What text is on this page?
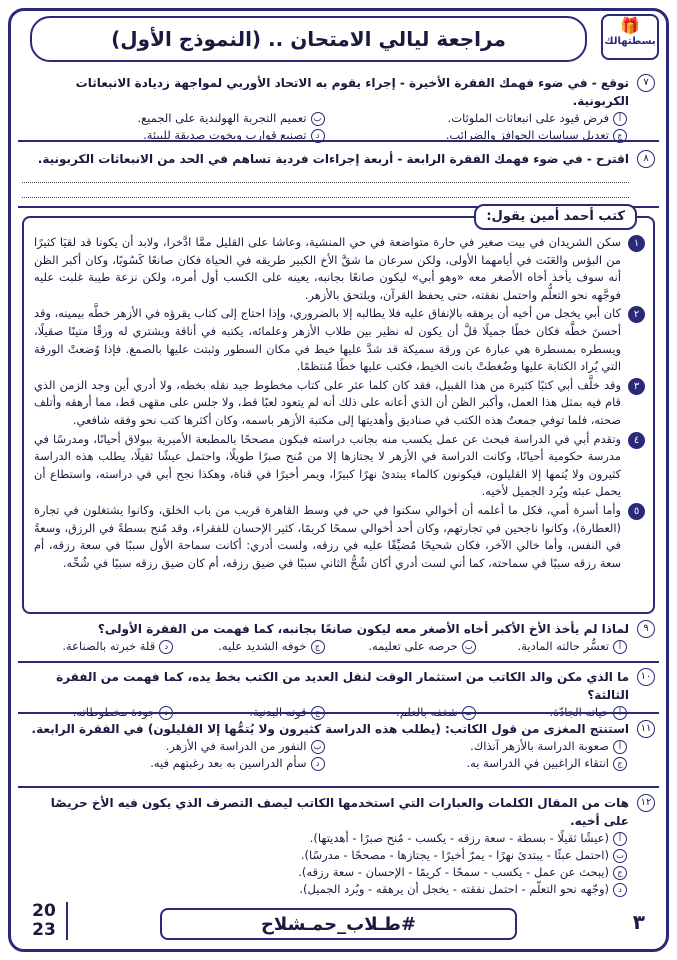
🎁
بسطتهالك
مراجعة ليالي الامتحان .. (النموذج الأول)
٧
توقع - في ضوء فهمك الفقرة الأخيرة - إجراء يقوم به الاتحاد الأوربي لمواجهة زديادة الانبعاثات الكربونية.
أ
فرض قيود على انبعاثات الملوثات.
ب
تعميم التجربة الهولندية على الجميع.
ج
تعديل سياسات الحوافز والضرائب.
د
تصنيع قوارب ويخوت صديقة للبيئة.
٨
اقترح - في ضوء فهمك الفقرة الرابعة - أربعة إجراءات فردية تساهم في الحد من الانبعاثات الكربونية.
كتب أحمد أمين يقول:
١
سكن الشريدان في بيت صغير في حارة متواضعة في حي المنشية، وعاشا على القليل ممَّا ادَّخرا، ولابد أن يكونا قد لقيَا كثيرًا من البؤس والعَنَت في أيامهما الأولى، ولكن سرعان ما شقَّ الأخ الكبير طريقه في الحياة فكان صانعًا كَسُوبًا، وكان أكبر الظن أنه سوف يأخذ أخاه الأصغر معه «وهو أبي» ليكون صانعًا بجانبه، يعينه على الكسب أول أمره، ولكن نزعة طيبة غلبت عليه فوجَّهه نحو التعلُّم واحتمل نفقته، حتى يحفظ القرآن، ويلتحق بالأزهر.
٢
كان أبي يخجل من أخيه أن يرهقه بالإنفاق عليه فلا يطالبه إلا بالضروري، وإذا احتاج إلى كتاب يقرؤه في الأزهر خطَّه بيمينه، وقد أحسنَ خطَّه فكان خطًا جميلًا قلَّ أن يكون له نظير بين طلاب الأزهر وعلمائه، يكتبه في أناقة ويشتري له ورقًا متينًا صقيلًا، ويسطره بمسطرة هي عبارة عن ورقة سميكة قد شدَّ عليها خيط في مكان السطور وثبتت عليها بالصمغ. فإذا وُضعتْ الورقة التي يُراد الكتابة عليها وضُغطتْ بانت الخيط، فكتب عليها خطًا مُنتظمًا.
٣
وقد خلَّف أبي كتبًا كثيرة من هذا القبيل، فقد كان كلما عثر على كتاب مخطوط جيد نقله بخطه، ولا أدري أين وجد الزمن الذي قام فيه بمثل هذا العمل، وأكبر الظن أن الذي أعانه على ذلك أنه لم يتعود لعبًا قط، ولا جلس على مقهى قط، مما أرهقه وأتلف صحته، فلما توفي جمعتُ هذه الكتب في صناديق وأهديتها إلى مكتبة الأزهر باسمه، وكان أكثرها كتب نحو وفقه شافعي.
٤
وتقدم أبي في الدراسة فبحث عن عمل يكسب منه بجانب دراسته فبكون مصححًا بالمطبعة الأميرية ببولاق أحيانًا، ومدرسًا في مدرسة حكومية أحيانًا، وكانت الدراسة في الأزهر لا يجتازها إلا من مُنح صبرًا طويلًا، واحتمل عيشًا ثقيلًا، يطلب هذه الدراسة كثيرون ولا يُتمها إلا القليلون، فيكونون كالماء يبتدئ نهرًا كبيرًا، ويمر أخيرًا في قناة، وهكذا نجح أبي في دراسته، واستطاع أن يحمل عبئه ويُرد الجميل لأخيه.
٥
وأما أسرة أمي، فكل ما أعلمه أن أخوالي سكنوا في حي في وسط القاهرة قريب من باب الخلق، وكانوا يشتغلون في تجارة (العطارة)، وكانوا ناجحين في تجارتهم، وكان أحد أخوالي سمحًا كريمًا، كثير الإحسان للفقراء، وقد مُنح بسطةً في الرزق، وسعةً في النفس، وأما خالي الآخر، فكان شحيحًا مُضيِّقًا عليه في رزقه، ولست أدري: أكانت سماحة الأول سببًا في سعة رزقه، أم سعة رزقه سببًا في سماحته، كما أني لست أدري أكان شُحُّ الثاني سببًا في ضيق رزقه، أم كان ضيق رزقه سببًا في شُحِّه.
٩
لماذا لم يأخذ الأخ الأكبر أخاه الأصغر معه ليكون صانعًا بجانبه، كما فهمت من الفقرة الأولى؟
أ
تعسُّر حالته المادية.
ب
حرصه على تعليمه.
ج
خوفه الشديد عليه.
د
قلة خبرته بالصناعة.
١٠
ما الذي مكن والد الكاتب من استثمار الوقت لنقل العديد من الكتب بخط يده، كما فهمت من الفقرة الثالثة؟
أ
حياته الجادّة.
ب
شغفه بالعلم.
ج
قوته البدنية.
د
جودة مخطوطاته.
١١
استنتج المغزى من قول الكاتب: (يطلب هذه الدراسة كثيرون ولا يُتمُّها إلا القليلون) في الفقرة الرابعة.
أ
صعوبة الدراسة بالأزهر آنذاك.
ب
النفور من الدراسة في الأزهر.
ج
انتقاء الراغبين في الدراسة به.
د
سأم الدراسين به بعد رغبتهم فيه.
١٢
هات من المقال الكلمات والعبارات التي استخدمها الكاتب ليصف التصرف الذي يكون فيه الأخ حريصًا على أخيه.
أ
(عيشًا ثقيلًا - بسطة - سعة رزقه - يكسب - مُنح صبرًا - أهديتها).
ب
(احتمل عبئًا - يبتدئ نهرًا - يمرّ أخيرًا - يجتازها - مصححًا - مدرسًا).
ج
(يبحث عن عمل - يكسب - سمحًا - كريمًا - الإحسان - سعة رزقه).
د
(وجّهه نحو التعلّم - احتمل نفقته - يخجل أن يرهقه - ويُرد الجميل).
٣
#طـلاب_حمـشلاح
20
23
